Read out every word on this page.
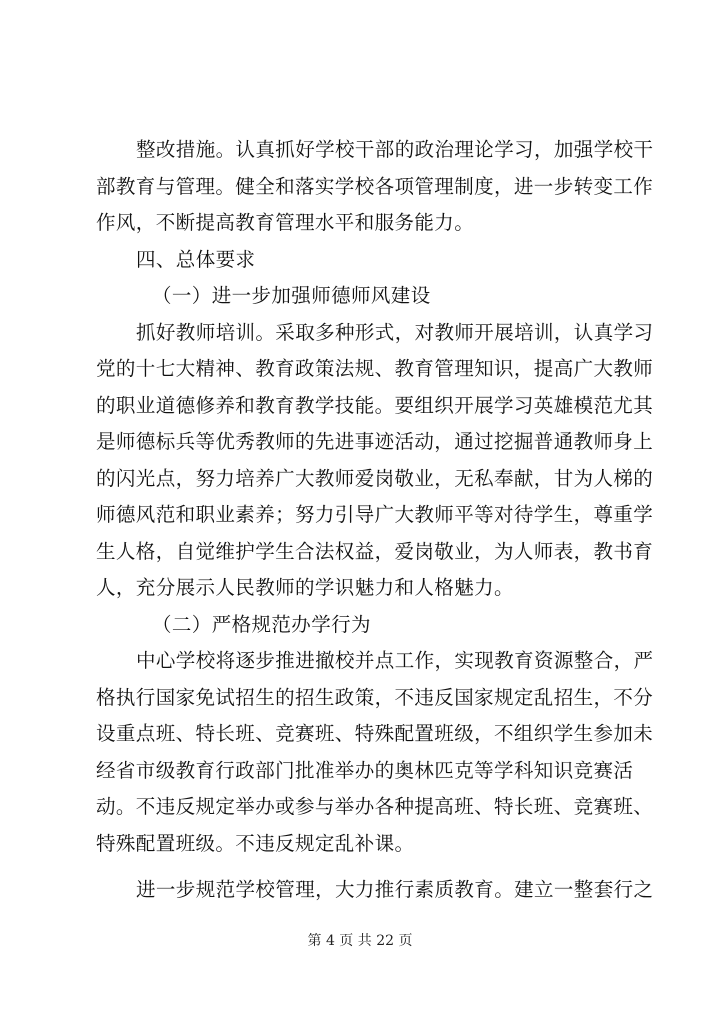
整改措施。认真抓好学校干部的政治理论学习，加强学校干
部教育与管理。健全和落实学校各项管理制度，进一步转变工作
作风，不断提高教育管理水平和服务能力。
四、总体要求
（一）进一步加强师德师风建设
抓好教师培训。采取多种形式，对教师开展培训，认真学习
党的十七大精神、教育政策法规、教育管理知识，提高广大教师
的职业道德修养和教育教学技能。要组织开展学习英雄模范尤其
是师德标兵等优秀教师的先进事迹活动，通过挖掘普通教师身上
的闪光点，努力培养广大教师爱岗敬业，无私奉献，甘为人梯的
师德风范和职业素养；努力引导广大教师平等对待学生，尊重学
生人格，自觉维护学生合法权益，爱岗敬业，为人师表，教书育
人，充分展示人民教师的学识魅力和人格魅力。
（二）严格规范办学行为
中心学校将逐步推进撤校并点工作，实现教育资源整合，严
格执行国家免试招生的招生政策，不违反国家规定乱招生，不分
设重点班、特长班、竞赛班、特殊配置班级，不组织学生参加未
经省市级教育行政部门批准举办的奥林匹克等学科知识竞赛活
动。不违反规定举办或参与举办各种提高班、特长班、竞赛班、
特殊配置班级。不违反规定乱补课。
进一步规范学校管理，大力推行素质教育。建立一整套行之
第 4 页 共 22 页
